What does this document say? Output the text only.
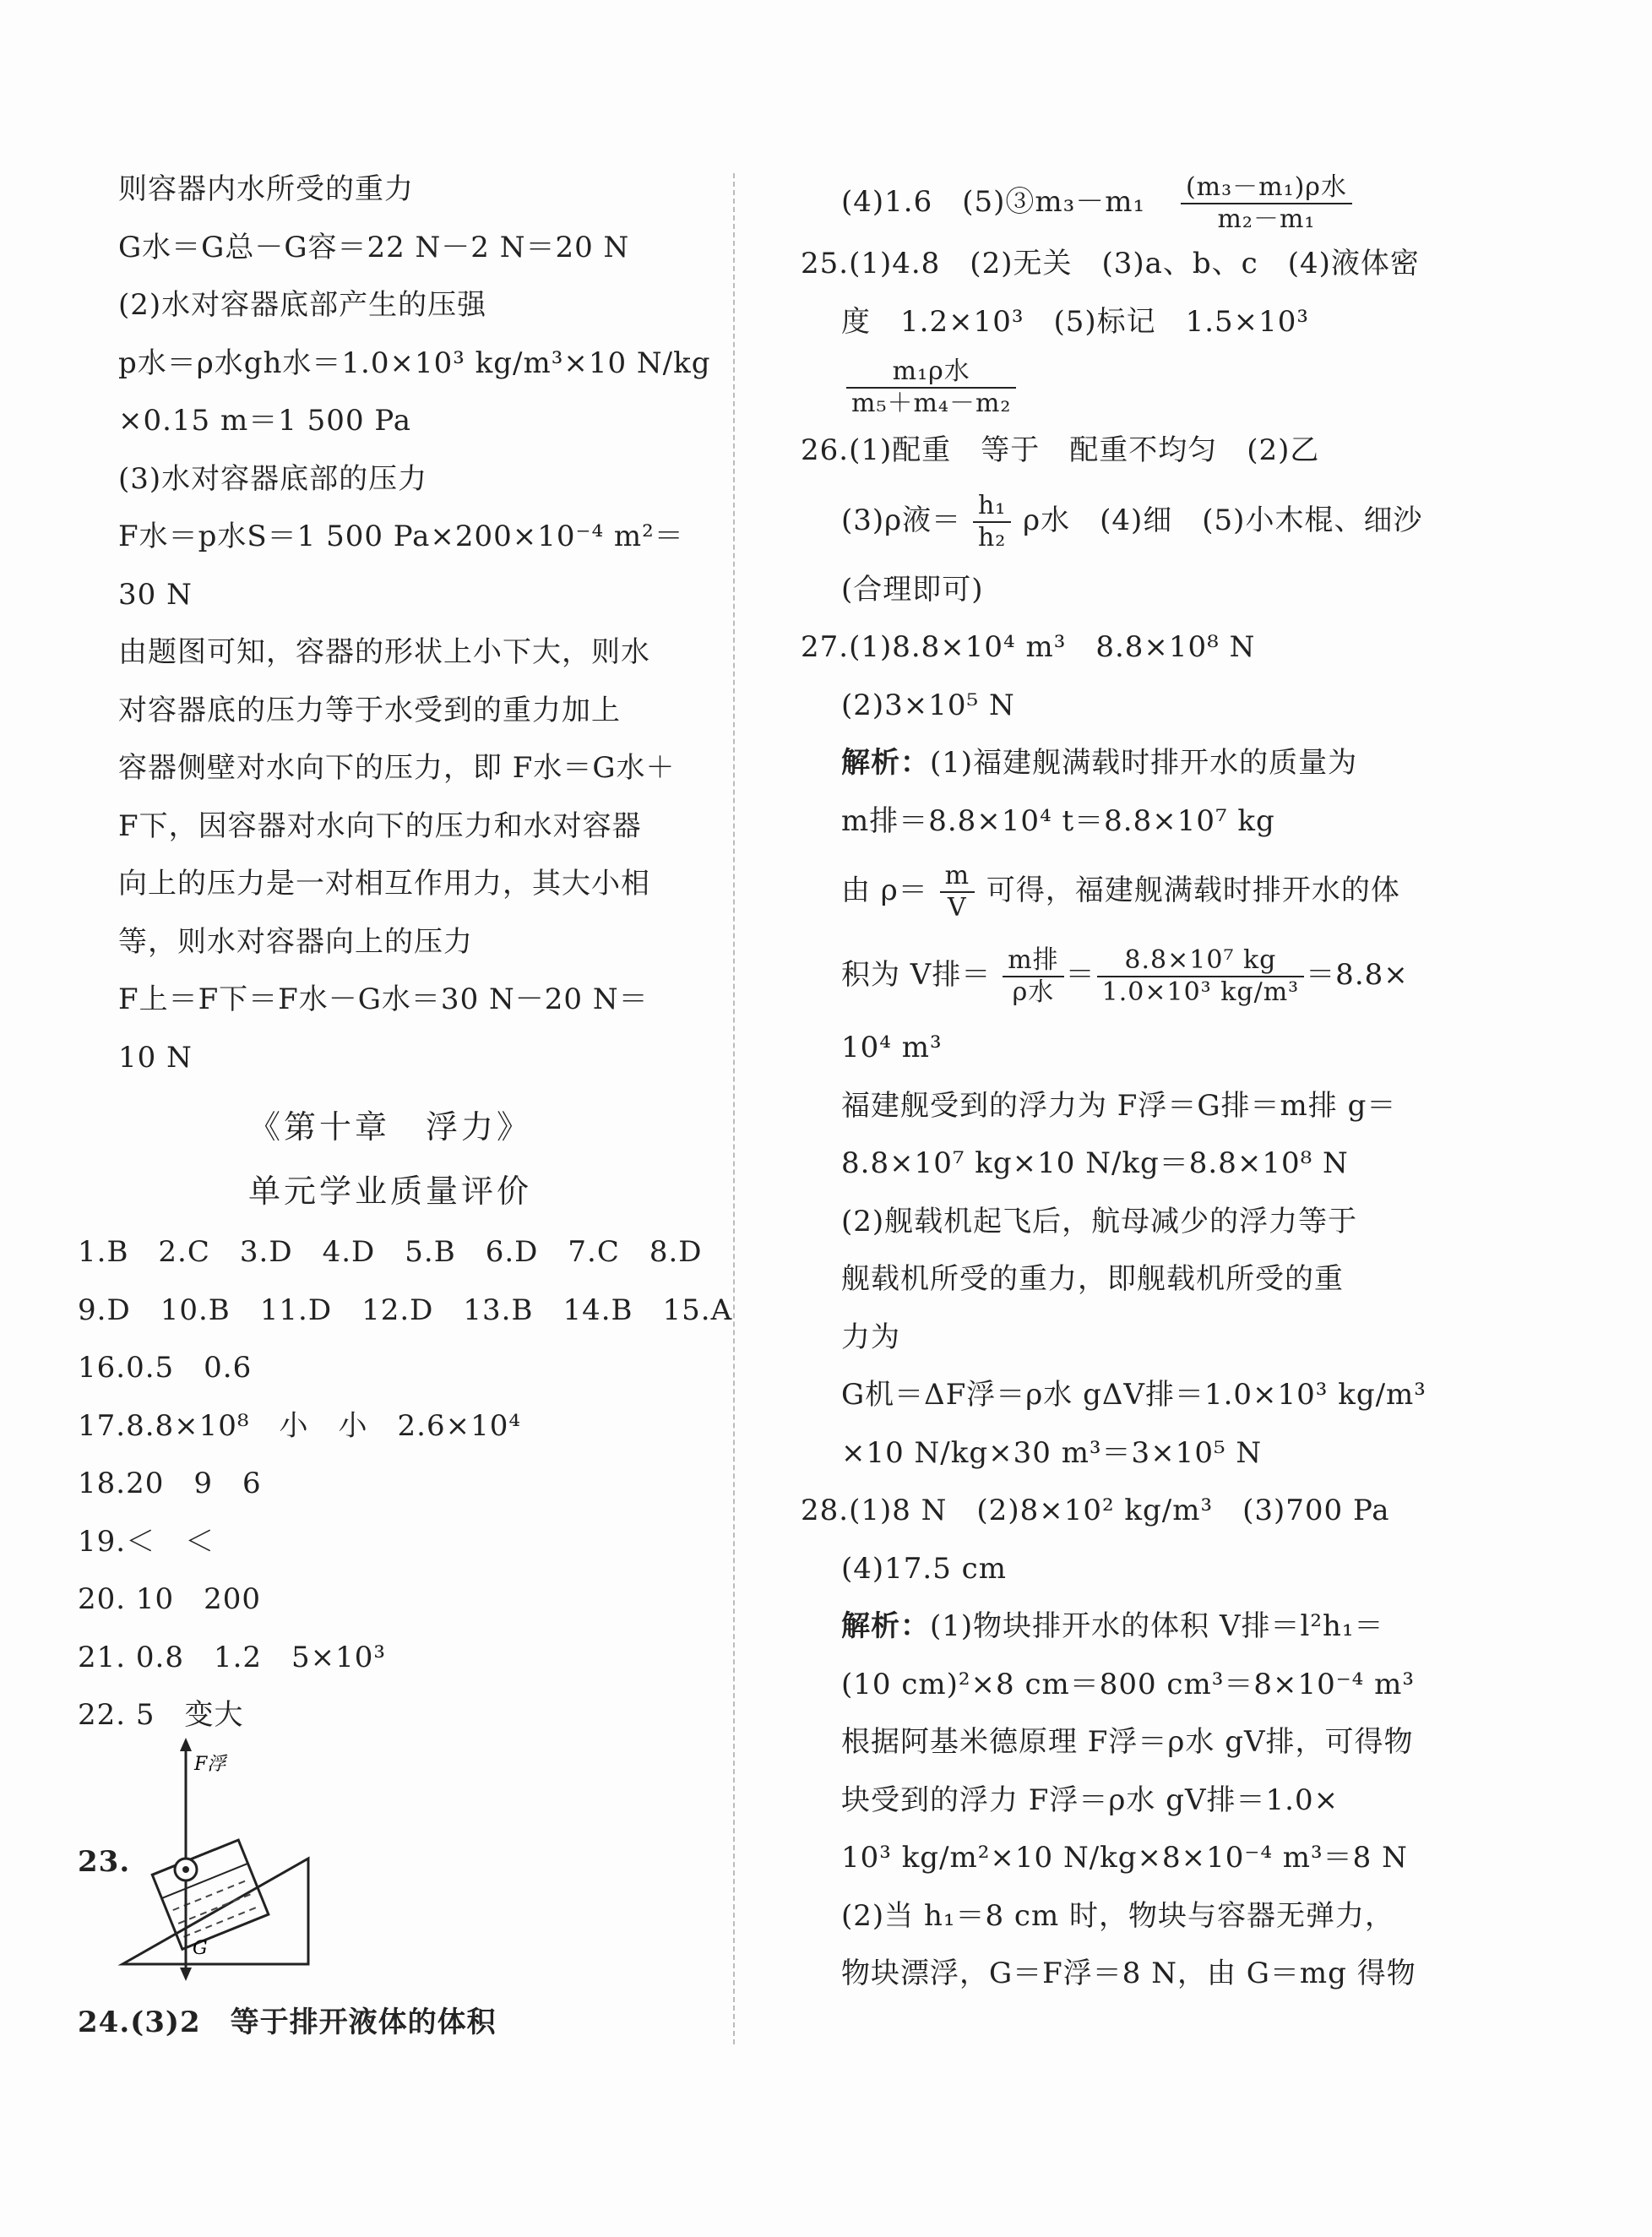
则容器内水所受的重力
G水＝G总－G容＝22 N－2 N＝20 N
(2)水对容器底部产生的压强
p水＝ρ水gh水＝1.0×10³ kg/m³×10 N/kg
×0.15 m＝1 500 Pa
(3)水对容器底部的压力
F水＝p水S＝1 500 Pa×200×10⁻⁴ m²＝
30 N
由题图可知，容器的形状上小下大，则水
对容器底的压力等于水受到的重力加上
容器侧壁对水向下的压力，即 F水＝G水＋
F下，因容器对水向下的压力和水对容器
向上的压力是一对相互作用力，其大小相
等，则水对容器向上的压力
F上＝F下＝F水－G水＝30 N－20 N＝
10 N
《第十章　浮力》
单元学业质量评价
1.B　2.C　3.D　4.D　5.B　6.D　7.C　8.D
9.D　10.B　11.D　12.D　13.B　14.B　15.A
16.0.5　0.6
17.8.8×10⁸　小　小　2.6×10⁴
18.20　9　6
19.＜　＜
20. 10　200
21. 0.8　1.2　5×10³
22. 5　变大
23.
F浮
G
24.(3)2　等于排开液体的体积
(4)1.6　(5)③m₃－m₁ $\frac{\text{(m₃－m₁)ρ水}}{\text{m₂－m₁}}$
25.(1)4.8　(2)无关　(3)a、b、c　(4)液体密
度　1.2×10³　(5)标记　1.5×10³
$\frac{\text{m₁ρ水}}{\text{m₅＋m₄－m₂}}$
26.(1)配重　等于　配重不均匀　(2)乙
(3)ρ液＝ $\frac{\text{h₁}}{\text{h₂}}$ ρ水　(4)细　(5)小木棍、细沙
(合理即可)
27.(1)8.8×10⁴ m³　8.8×10⁸ N
(2)3×10⁵ N
解析：(1)福建舰满载时排开水的质量为
m排＝8.8×10⁴ t＝8.8×10⁷ kg
由 $\rho= \frac{m}{V}$ 可得，福建舰满载时排开水的体
积为 V排＝ $\frac{\text{m排}}{\text{ρ水}} = \frac{\text{8.8×10⁷ kg}}{\text{1.0×10³ kg/m³}} =8.8\times$
10⁴ m³
福建舰受到的浮力为 F浮＝G排＝m排 g＝
8.8×10⁷ kg×10 N/kg＝8.8×10⁸ N
(2)舰载机起飞后，航母减少的浮力等于
舰载机所受的重力，即舰载机所受的重
力为
G机＝ΔF浮＝ρ水 gΔV排＝1.0×10³ kg/m³
×10 N/kg×30 m³＝3×10⁵ N
28.(1)8 N　(2)8×10² kg/m³　(3)700 Pa
(4)17.5 cm
解析：(1)物块排开水的体积 V排＝l²h₁＝
(10 cm)²×8 cm＝800 cm³＝8×10⁻⁴ m³
根据阿基米德原理 F浮＝ρ水 gV排，可得物
块受到的浮力 F浮＝ρ水 gV排＝1.0×
10³ kg/m²×10 N/kg×8×10⁻⁴ m³＝8 N
(2)当 h₁＝8 cm 时，物块与容器无弹力，
物块漂浮，G＝F浮＝8 N，由 G＝mg 得物
